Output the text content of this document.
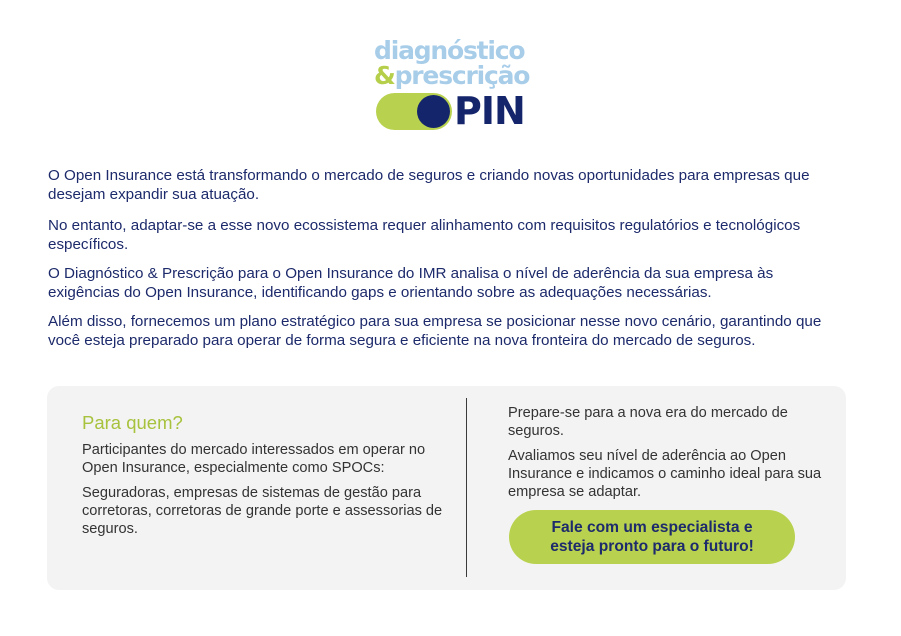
diagnóstico
&prescrição
PIN

O Open Insurance está transformando o mercado de seguros e criando novas oportunidades para empresas que desejam expandir sua atuação.

No entanto, adaptar-se a esse novo ecossistema requer alinhamento com requisitos regulatórios e tecnológicos específicos.

O Diagnóstico & Prescrição para o Open Insurance do IMR analisa o nível de aderência da sua empresa às exigências do Open Insurance, identificando gaps e orientando sobre as adequações necessárias.

Além disso, fornecemos um plano estratégico para sua empresa se posicionar nesse novo cenário, garantindo que você esteja preparado para operar de forma segura e eficiente na nova fronteira do mercado de seguros.

Para quem?

Participantes do mercado interessados em operar no Open Insurance, especialmente como SPOCs:

Seguradoras, empresas de sistemas de gestão para corretoras, corretoras de grande porte e assessorias de seguros.

Prepare-se para a nova era do mercado de seguros.

Avaliamos seu nível de aderência ao Open Insurance e indicamos o caminho ideal para sua empresa se adaptar.

Fale com um especialista e
esteja pronto para o futuro!
